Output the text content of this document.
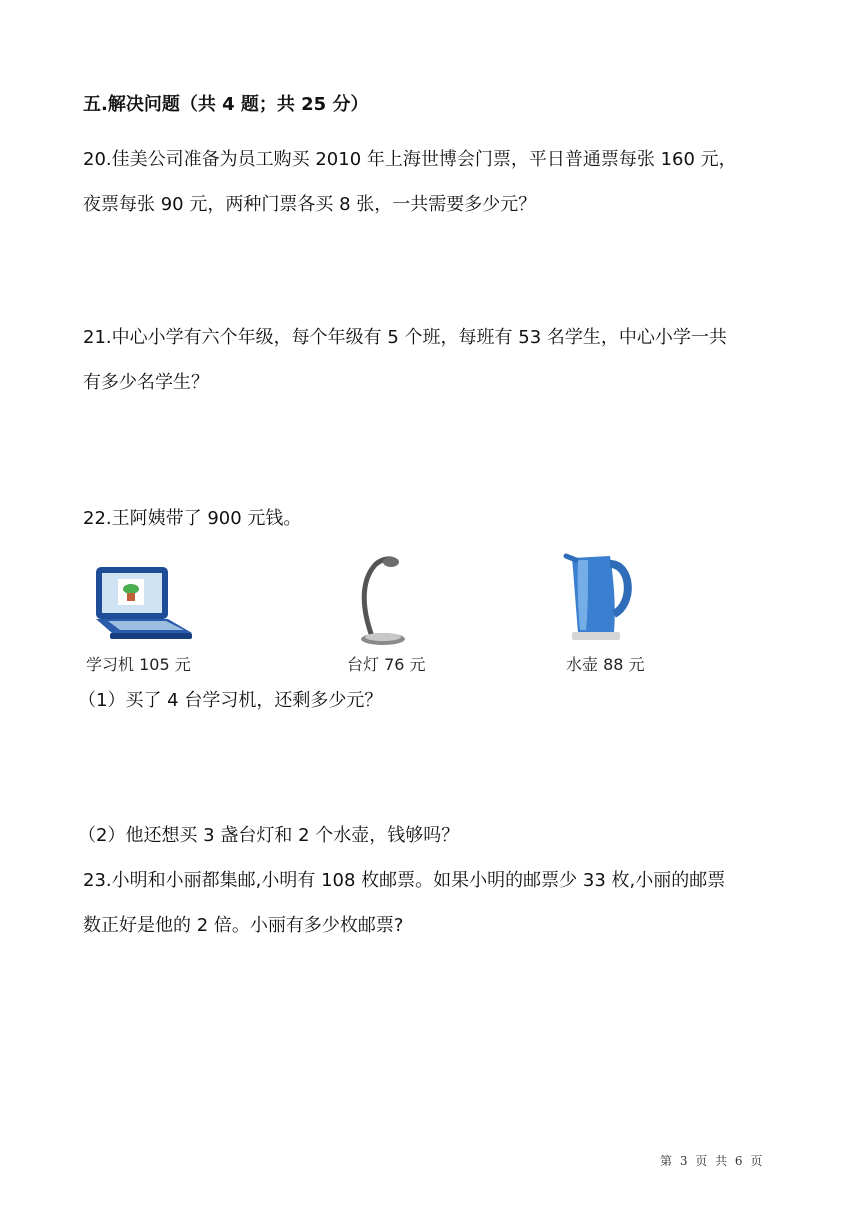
五.解决问题（共 4 题；共 25 分）
20.佳美公司准备为员工购买 2010 年上海世博会门票，平日普通票每张 160 元，
夜票每张 90 元，两种门票各买 8 张，一共需要多少元？
21.中心小学有六个年级，每个年级有 5 个班，每班有 53 名学生，中心小学一共
有多少名学生？
22.王阿姨带了 900 元钱。
学习机 105 元	台灯 76 元	水壶 88 元
（1）买了 4 台学习机，还剩多少元？
（2）他还想买 3 盏台灯和 2 个水壶，钱够吗？
23.小明和小丽都集邮,小明有 108 枚邮票。如果小明的邮票少 33 枚,小丽的邮票
数正好是他的 2 倍。小丽有多少枚邮票?
第 3 页 共 6 页
